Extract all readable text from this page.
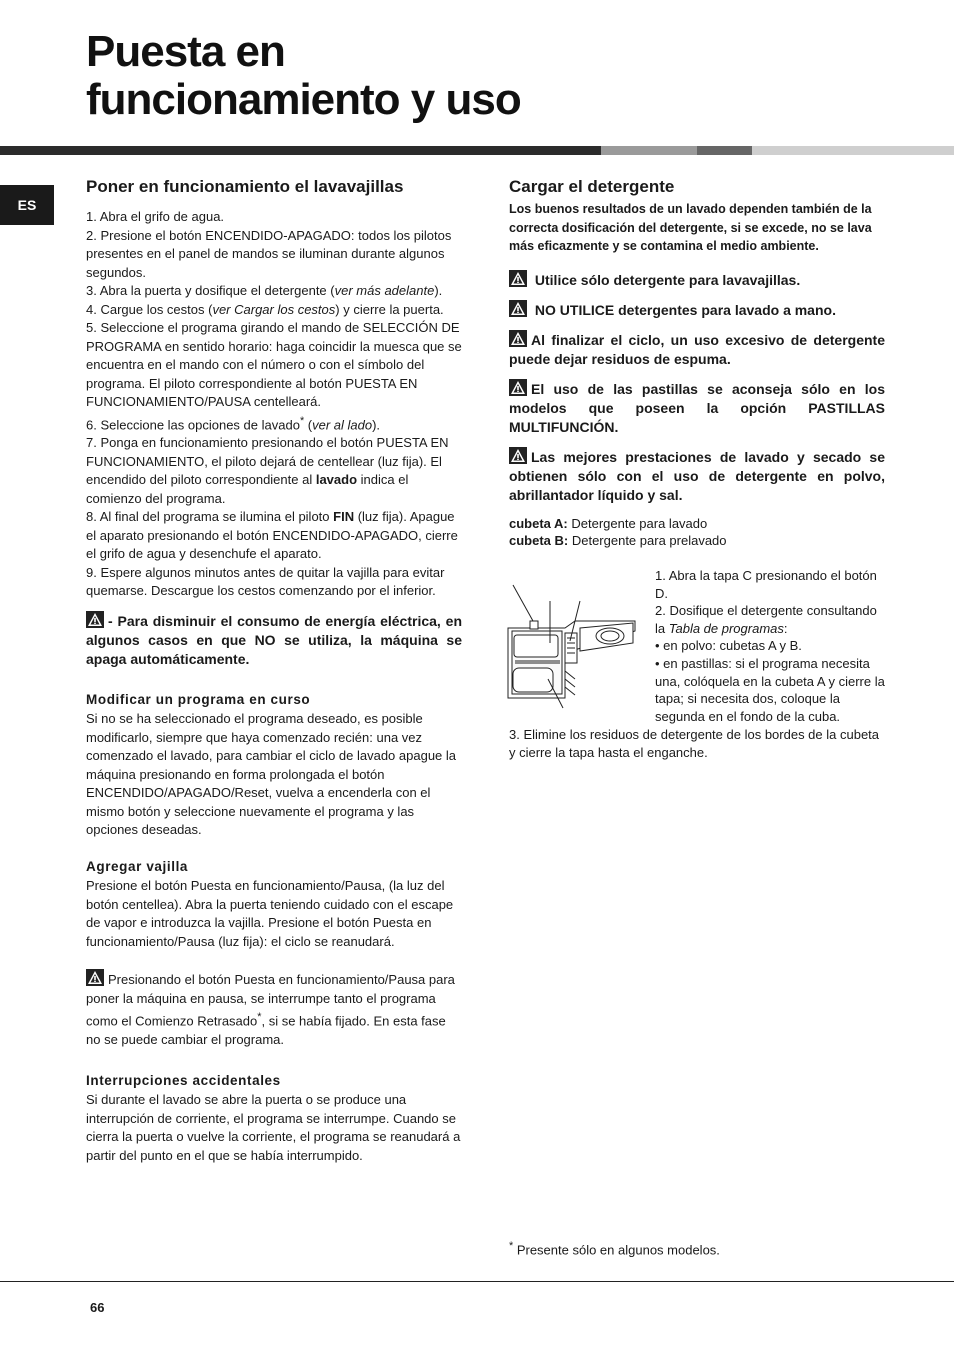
Puesta en
funcionamiento y uso
ES
Poner en funcionamiento el lavavajillas

1. Abra el grifo de agua.

2. Presione el botón ENCENDIDO-APAGADO: todos los pilotos presentes en el panel de mandos se iluminan durante algunos segundos.

3. Abra la puerta y dosifique el detergente (ver más adelante).

4. Cargue los cestos (ver Cargar los cestos) y cierre la puerta.

5. Seleccione el programa girando el mando de SELECCIÓN DE PROGRAMA en sentido horario: haga coincidir la muesca que se encuentra en el mando con el número o con el símbolo del programa. El piloto correspondiente al botón PUESTA EN FUNCIONAMIENTO/PAUSA centelleará.

6. Seleccione las opciones de lavado* (ver al lado).

7. Ponga en funcionamiento presionando el botón PUESTA EN FUNCIONAMIENTO, el piloto dejará de centellear (luz fija). El encendido del piloto correspondiente al lavado indica el comienzo del programa.

8. Al final del programa se ilumina el piloto FIN (luz fija). Apague el aparato presionando el botón ENCENDIDO-APAGADO, cierre el grifo de agua y desenchufe el aparato.

9. Espere algunos minutos antes de quitar la vajilla para evitar quemarse. Descargue los cestos comenzando por el inferior.

- Para disminuir el consumo de energía eléctrica, en algunos casos en que NO se utiliza, la máquina se apaga automáticamente.

Modificar un programa en curso

Si no se ha seleccionado el programa deseado, es posible modificarlo, siempre que haya comenzado recién: una vez comenzado el lavado, para cambiar el ciclo de lavado apague la máquina presionando en forma prolongada el botón ENCENDIDO/APAGADO/Reset, vuelva a encenderla con el mismo botón y seleccione nuevamente el programa y las opciones deseadas.

Agregar vajilla

Presione el botón Puesta en funcionamiento/Pausa, (la luz del botón centellea). Abra la puerta teniendo cuidado con el escape de vapor e introduzca la vajilla. Presione el botón Puesta en funcionamiento/Pausa (luz fija): el ciclo se reanudará.

Presionando el botón Puesta en funcionamiento/Pausa para poner la máquina en pausa, se interrumpe tanto el programa como el Comienzo Retrasado*, si se había fijado. En esta fase no se puede cambiar el programa.

Interrupciones accidentales

Si durante el lavado se abre la puerta o se produce una interrupción de corriente, el programa se interrumpe. Cuando se cierra la puerta o vuelve la corriente, el programa se reanudará a partir del punto en el que se había interrumpido.

Cargar el detergente

Los buenos resultados de un lavado dependen también de la correcta dosificación del detergente, si se excede, no se lava más eficazmente y se contamina el medio ambiente.

Utilice sólo detergente para lavavajillas.

NO UTILICE detergentes para lavado a mano.

Al finalizar el ciclo, un uso excesivo de detergente puede dejar residuos de espuma.

El uso de las pastillas se aconseja sólo en los modelos que poseen la opción PASTILLAS MULTIFUNCIÓN.

Las mejores prestaciones de lavado y secado se obtienen sólo con el uso de detergente en polvo, abrillantador líquido y sal.

cubeta A: Detergente para lavado

cubeta B: Detergente para prelavado

1. Abra la tapa C presionando el botón D.

2. Dosifique el detergente consultando la Tabla de programas:

• en polvo: cubetas A y B.

• en pastillas: si el programa necesita una, colóquela en la cubeta A y cierre la tapa; si necesita dos, coloque la segunda en el fondo de la cuba.

3. Elimine los residuos de detergente de los bordes de la cubeta y cierre la tapa hasta el enganche.

* Presente sólo en algunos modelos.
66
